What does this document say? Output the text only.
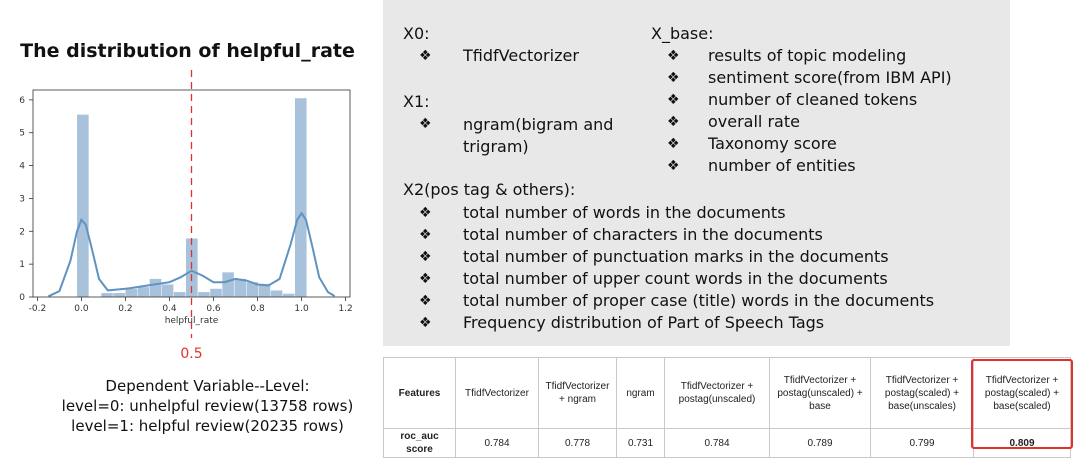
The distribution of helpful_rate
-0.2	0.0	0.2	0.4	0.6	0.8	1.0	1.2
0
1
2
3
4
5
6
helpful_rate
0.5
Dependent Variable--Level:
level=0: unhelpful review(13758 rows)
level=1: helpful review(20235 rows)
X0:
❖ TfidfVectorizer
X1:
❖ ngram(bigram and trigram)
X_base:
❖ results of topic modeling
❖ sentiment score(from IBM API)
❖ number of cleaned tokens
❖ overall rate
❖ Taxonomy score
❖ number of entities
X2(pos tag & others):
❖ total number of words in the documents
❖ total number of characters in the documents
❖ total number of punctuation marks in the documents
❖ total number of upper count words in the documents
❖ total number of proper case (title) words in the documents
❖ Frequency distribution of Part of Speech Tags
Features	TfidfVectorizer	TfidfVectorizer + ngram	ngram	TfidfVectorizer + postag(unscaled)	TfidfVectorizer + postag(unscaled) + base	TfidfVectorizer + postag(scaled) + base(unscales)	TfidfVectorizer + postag(scaled) + base(scaled)
roc_auc score	0.784	0.778	0.731	0.784	0.789	0.799	0.809
